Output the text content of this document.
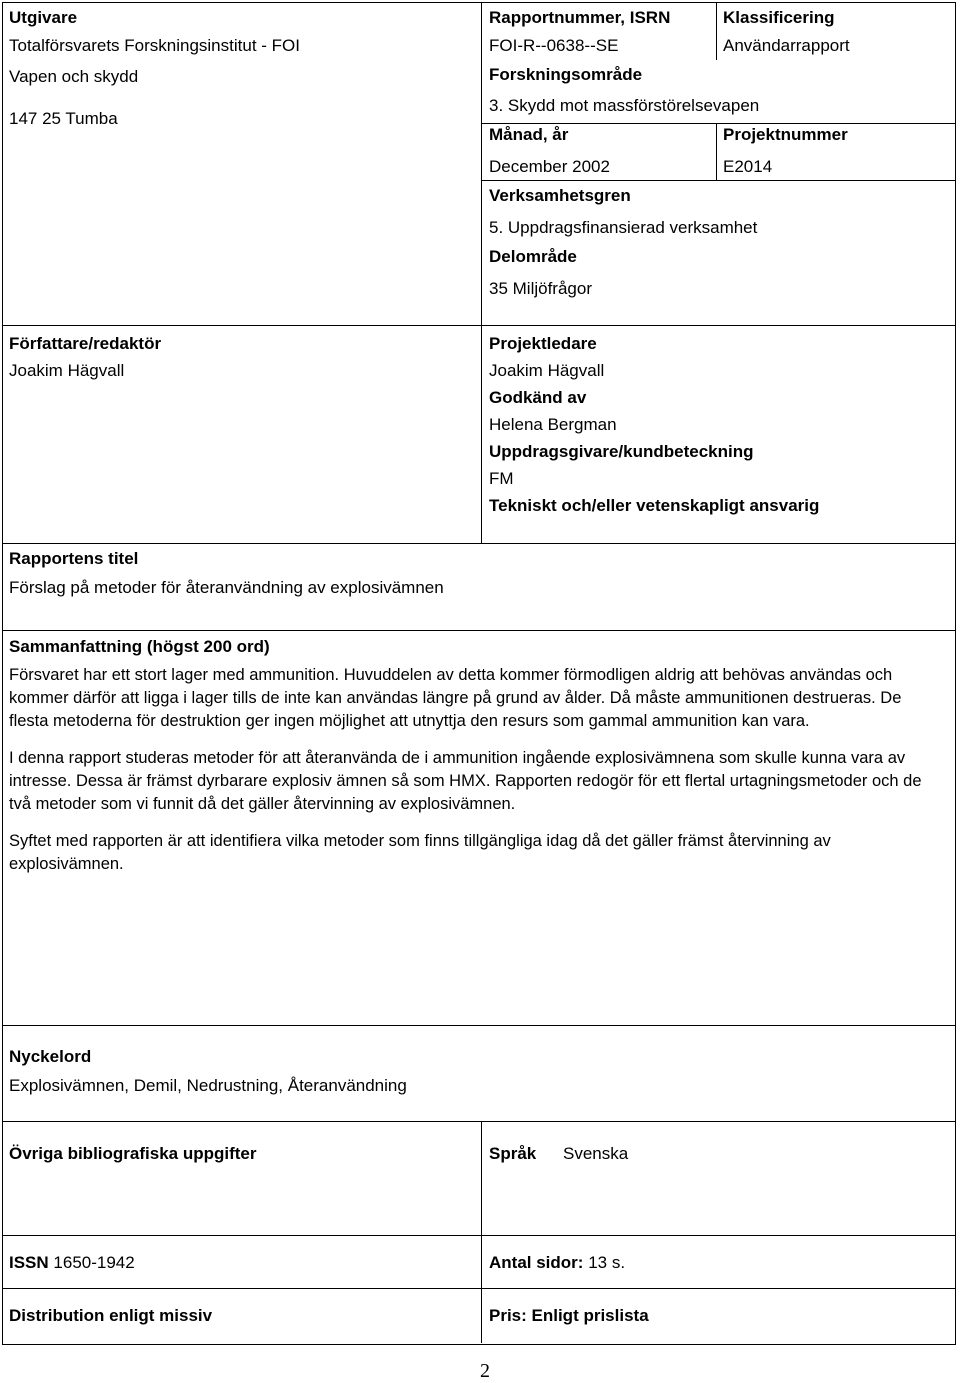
Utgivare
Totalförsvarets Forskningsinstitut - FOI
Vapen och skydd
147 25 Tumba
Rapportnummer, ISRN
FOI-R--0638--SE
Klassificering
Användarrapport
Forskningsområde
3. Skydd mot massförstörelsevapen
Månad, år
December 2002
Projektnummer
E2014
Verksamhetsgren
5. Uppdragsfinansierad verksamhet
Delområde
35 Miljöfrågor
Författare/redaktör
Joakim Hägvall
Projektledare
Joakim Hägvall
Godkänd av
Helena Bergman
Uppdragsgivare/kundbeteckning
FM
Tekniskt och/eller vetenskapligt ansvarig
Rapportens titel
Förslag på metoder för återanvändning av explosivämnen
Sammanfattning (högst 200 ord)

Försvaret har ett stort lager med ammunition. Huvuddelen av detta kommer förmodligen aldrig att behövas användas och kommer därför att ligga i lager tills de inte kan användas längre på grund av ålder. Då måste ammunitionen destrueras. De flesta metoderna för destruktion ger ingen möjlighet att utnyttja den resurs som gammal ammunition kan vara.

I denna rapport studeras metoder för att återanvända de i ammunition ingående explosivämnena som skulle kunna vara av intresse. Dessa är främst dyrbarare explosiv ämnen så som HMX. Rapporten redogör för ett flertal urtagningsmetoder och de två metoder som vi funnit då det gäller återvinning av explosivämnen.

Syftet med rapporten är att identifiera vilka metoder som finns tillgängliga idag då det gäller främst återvinning av explosivämnen.

Nyckelord
Explosivämnen, Demil, Nedrustning, Återanvändning
Övriga bibliografiska uppgifter	Språk Svenska
ISSN 1650-1942	Antal sidor: 13 s.
Distribution enligt missiv	Pris: Enligt prislista
2
